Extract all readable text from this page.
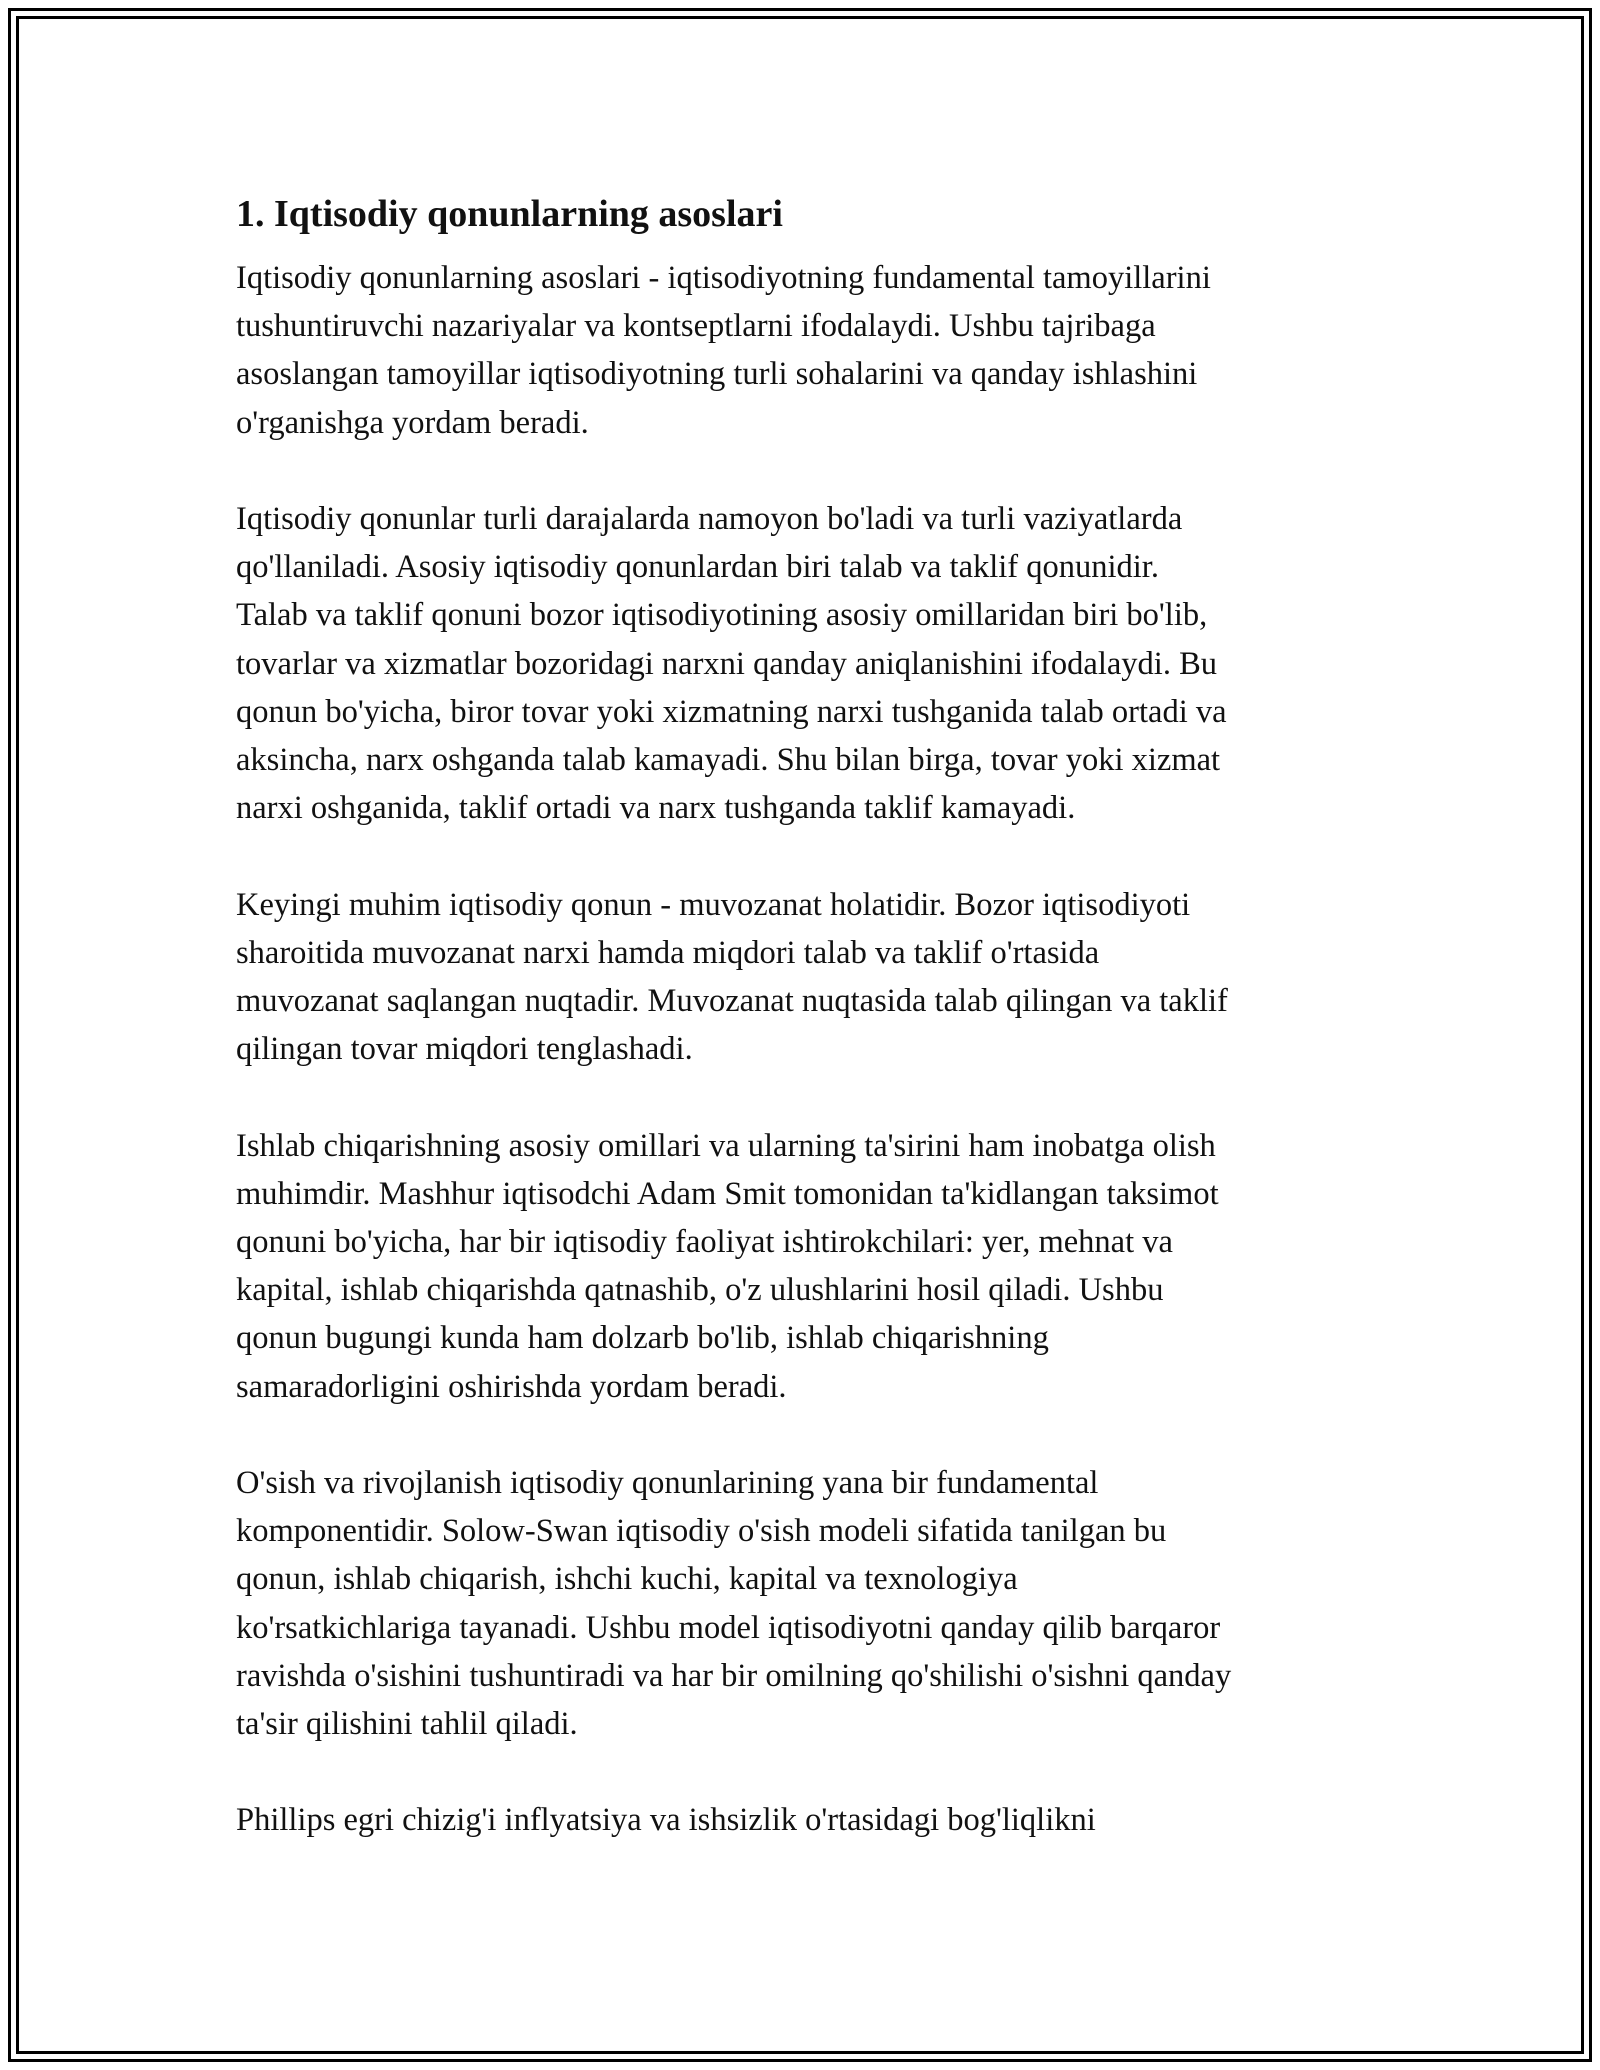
1. Iqtisodiy qonunlarning asoslari
Iqtisodiy qonunlarning asoslari - iqtisodiyotning fundamental tamoyillarini
tushuntiruvchi nazariyalar va kontseptlarni ifodalaydi. Ushbu tajribaga
asoslangan tamoyillar iqtisodiyotning turli sohalarini va qanday ishlashini
o'rganishga yordam beradi.
Iqtisodiy qonunlar turli darajalarda namoyon bo'ladi va turli vaziyatlarda
qo'llaniladi. Asosiy iqtisodiy qonunlardan biri talab va taklif qonunidir.
Talab va taklif qonuni bozor iqtisodiyotining asosiy omillaridan biri bo'lib,
tovarlar va xizmatlar bozoridagi narxni qanday aniqlanishini ifodalaydi. Bu
qonun bo'yicha, biror tovar yoki xizmatning narxi tushganida talab ortadi va
aksincha, narx oshganda talab kamayadi. Shu bilan birga, tovar yoki xizmat
narxi oshganida, taklif ortadi va narx tushganda taklif kamayadi.
Keyingi muhim iqtisodiy qonun - muvozanat holatidir. Bozor iqtisodiyoti
sharoitida muvozanat narxi hamda miqdori talab va taklif o'rtasida
muvozanat saqlangan nuqtadir. Muvozanat nuqtasida talab qilingan va taklif
qilingan tovar miqdori tenglashadi.
Ishlab chiqarishning asosiy omillari va ularning ta'sirini ham inobatga olish
muhimdir. Mashhur iqtisodchi Adam Smit tomonidan ta'kidlangan taksimot
qonuni bo'yicha, har bir iqtisodiy faoliyat ishtirokchilari: yer, mehnat va
kapital, ishlab chiqarishda qatnashib, o'z ulushlarini hosil qiladi. Ushbu
qonun bugungi kunda ham dolzarb bo'lib, ishlab chiqarishning
samaradorligini oshirishda yordam beradi.
O'sish va rivojlanish iqtisodiy qonunlarining yana bir fundamental
komponentidir. Solow-Swan iqtisodiy o'sish modeli sifatida tanilgan bu
qonun, ishlab chiqarish, ishchi kuchi, kapital va texnologiya
ko'rsatkichlariga tayanadi. Ushbu model iqtisodiyotni qanday qilib barqaror
ravishda o'sishini tushuntiradi va har bir omilning qo'shilishi o'sishni qanday
ta'sir qilishini tahlil qiladi.
Phillips egri chizig'i inflyatsiya va ishsizlik o'rtasidagi bog'liqlikni
